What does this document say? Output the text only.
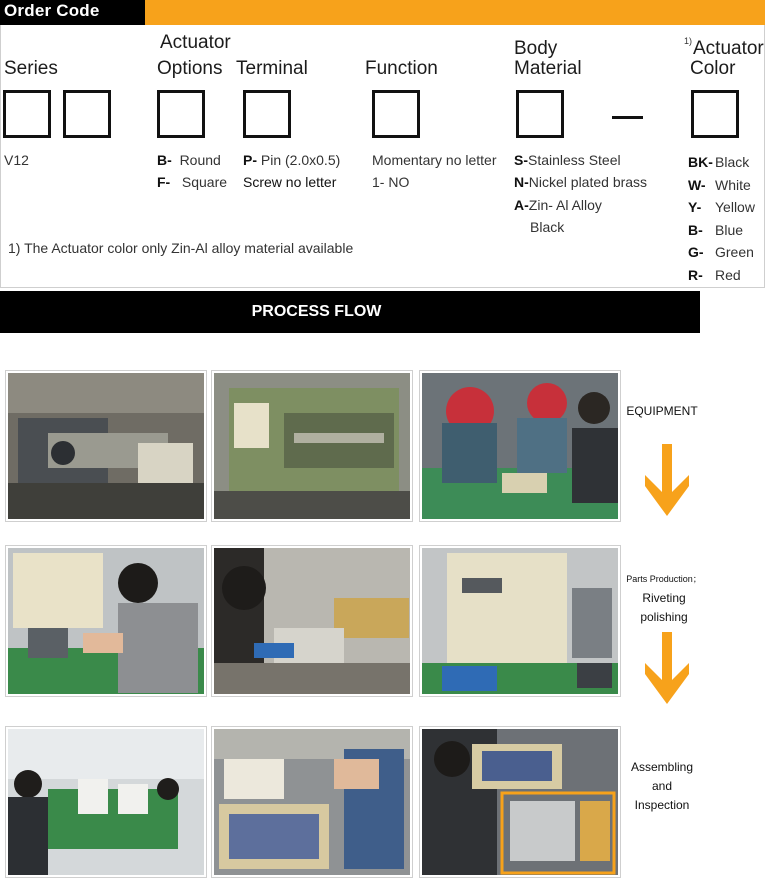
Order Code
Series
V12
Actuator
Options
B- Round
F- Square
Terminal
P- Pin (2.0x0.5)
Screw no letter
Function
Momentary no letter
1- NO
Body
Material
S-Stainless Steel
N-Nickel plated brass
A-Zin- Al Alloy
Black
1) Actuator
Color
BK- Black
W- White
Y- Yellow
B- Blue
G- Green
R- Red
1) The Actuator color only Zin-Al alloy material available
PROCESS FLOW
EQUIPMENT
Parts Production；
Riveting
polishing
Assembling
and
Inspection
